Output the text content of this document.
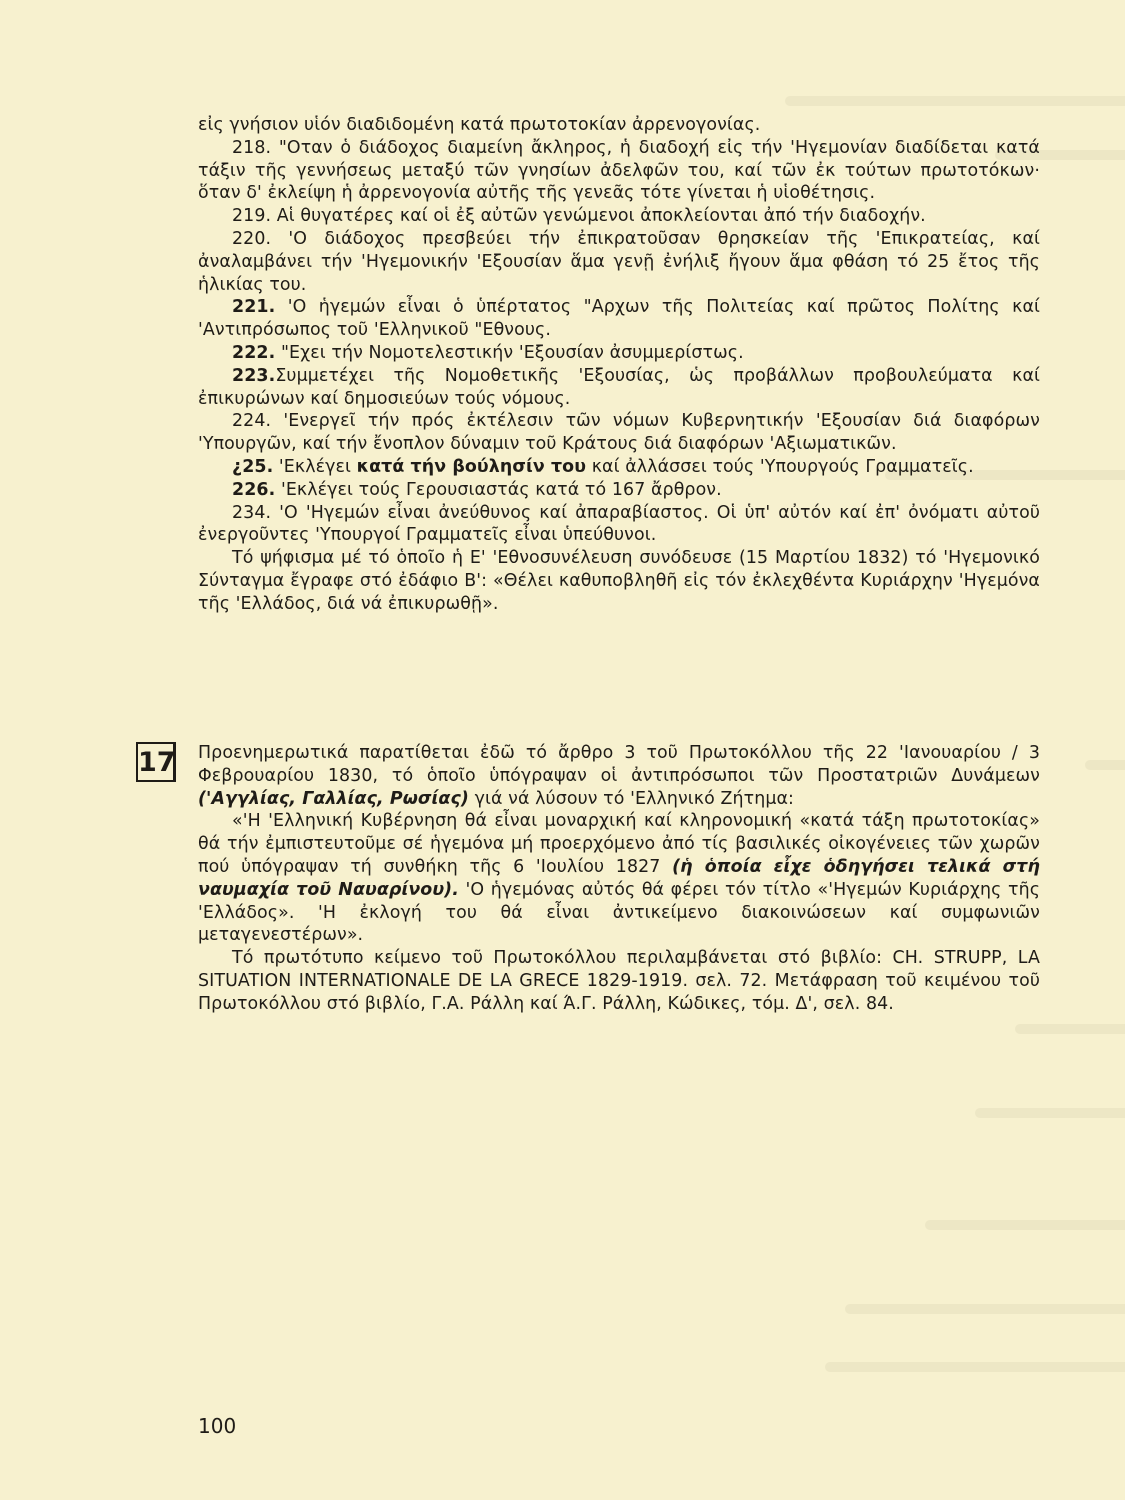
εἰς γνήσιον υἱόν διαδιδομένη κατά πρωτοτοκίαν ἀρρενογονίας.
218. "Οταν ὁ διάδοχος διαμείνη ἄκληρος, ἡ διαδοχή εἰς τήν 'Ηγεμονίαν διαδίδεται κατά τάξιν τῆς γεννήσεως μεταξύ τῶν γνησίων ἀδελφῶν του, καί τῶν ἐκ τούτων πρωτοτόκων· ὅταν δ' ἐκλείψη ἡ ἀρρενογονία αὐτῆς τῆς γενεᾶς τότε γίνεται ἡ υἱοθέτησις.
219. Αἱ θυγατέρες καί οἱ ἐξ αὐτῶν γενώμενοι ἀποκλείονται ἀπό τήν διαδοχήν.
220. 'Ο διάδοχος πρεσβεύει τήν ἐπικρατοῦσαν θρησκείαν τῆς 'Επικρατείας, καί ἀναλαμβάνει τήν 'Ηγεμονικήν 'Εξουσίαν ἅμα γενῇ ἐνήλιξ ἤγουν ἅμα φθάση τό 25 ἔτος τῆς ἡλικίας του.
221. 'Ο ἡγεμών εἶναι ὁ ὑπέρτατος "Αρχων τῆς Πολιτείας καί πρῶτος Πολίτης καί 'Αντιπρόσωπος τοῦ 'Ελληνικοῦ "Εθνους.
222. "Εχει τήν Νομοτελεστικήν 'Εξουσίαν ἀσυμμερίστως.
223.Συμμετέχει τῆς Νομοθετικῆς 'Εξουσίας, ὡς προβάλλων προβουλεύματα καί ἐπικυρώνων καί δημοσιεύων τούς νόμους.
224. 'Ενεργεῖ τήν πρός ἐκτέλεσιν τῶν νόμων Κυβερνητικήν 'Εξουσίαν διά διαφόρων 'Υπουργῶν, καί τήν ἔνοπλον δύναμιν τοῦ Κράτους διά διαφόρων 'Αξιωματικῶν.
¿25. 'Εκλέγει κατά τήν βούλησίν του καί ἀλλάσσει τούς 'Υπουργούς Γραμματεῖς.
226. 'Εκλέγει τούς Γερουσιαστάς κατά τό 167 ἄρθρον.
234. 'Ο 'Ηγεμών εἶναι ἀνεύθυνος καί ἀπαραβίαστος. Οἱ ὑπ' αὐτόν καί ἐπ' ὀνόματι αὐτοῦ ἐνεργοῦντες 'Υπουργοί Γραμματεῖς εἶναι ὑπεύθυνοι.
Τό ψήφισμα μέ τό ὁποῖο ἡ Ε' 'Εθνοσυνέλευση συνόδευσε (15 Μαρτίου 1832) τό 'Ηγεμονικό Σύνταγμα ἔγραφε στό ἐδάφιο Β': «Θέλει καθυποβληθῆ εἰς τόν ἐκλεχθέντα Κυριάρχην 'Ηγεμόνα τῆς 'Ελλάδος, διά νά ἐπικυρωθῇ».
17 Προενημερωτικά παρατίθεται ἐδῶ τό ἄρθρο 3 τοῦ Πρωτοκόλλου τῆς 22 'Ιανουαρίου / 3 Φεβρουαρίου 1830, τό ὁποῖο ὑπόγραψαν οἱ ἀντιπρόσωποι τῶν Προστατριῶν Δυνάμεων ('Αγγλίας, Γαλλίας, Ρωσίας) γιά νά λύσουν τό 'Ελληνικό Ζήτημα:
«'Η 'Ελληνική Κυβέρνηση θά εἶναι μοναρχική καί κληρονομική «κατά τάξη πρωτοτοκίας» θά τήν ἐμπιστευτοῦμε σέ ἡγεμόνα μή προερχόμενο ἀπό τίς βασιλικές οἰκογένειες τῶν χωρῶν πού ὑπόγραψαν τή συνθήκη τῆς 6 'Ιουλίου 1827 (ἡ ὁποία εἶχε ὁδηγήσει τελικά στή ναυμαχία τοῦ Ναυαρίνου). 'Ο ἡγεμόνας αὐτός θά φέρει τόν τίτλο «'Ηγεμών Κυριάρχης τῆς 'Ελλάδος». 'Η ἐκλογή του θά εἶναι ἀντικείμενο διακοινώσεων καί συμφωνιῶν μεταγενεστέρων».
Τό πρωτότυπο κείμενο τοῦ Πρωτοκόλλου περιλαμβάνεται στό βιβλίο: CH. STRUPP, LA SITUATION INTERNATIONALE DE LA GRECE 1829-1919. σελ. 72. Μετάφραση τοῦ κειμένου τοῦ Πρωτοκόλλου στό βιβλίο, Γ.Α. Ράλλη καί Ά.Γ. Ράλλη, Κώδικες, τόμ. Δ', σελ. 84.
100
